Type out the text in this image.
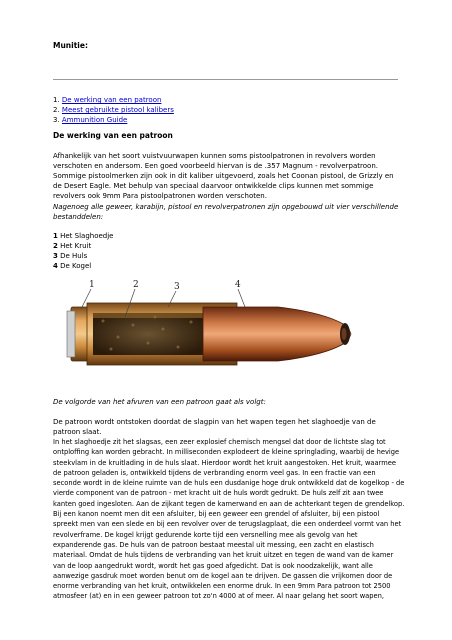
Munitie:
1. De werking van een patroon
2. Meest gebruikte pistool kalibers
3. Ammunition Guide
De werking van een patroon
Afhankelijk van het soort vuistvuurwapen kunnen soms pistoolpatronen in revolvers worden verschoten en andersom. Een goed voorbeeld hiervan is de .357 Magnum - revolverpatroon. Sommige pistoolmerken zijn ook in dit kaliber uitgevoerd, zoals het Coonan pistool, de Grizzly en de Desert Eagle. Met behulp van speciaal daarvoor ontwikkelde clips kunnen met sommige revolvers ook 9mm Para pistoolpatronen worden verschoten.
Nagenoeg alle geweer, karabijn, pistool en revolverpatronen zijn opgebouwd uit vier verschillende bestanddelen:
1 Het Slaghoedje
2 Het Kruit
3 De Huls
4 De Kogel
1	2	3	4
De volgorde van het afvuren van een patroon gaat als volgt:
De patroon wordt ontstoken doordat de slagpin van het wapen tegen het slaghoedje van de patroon slaat.
In het slaghoedje zit het slagsas, een zeer explosief chemisch mengsel dat door de lichtste slag tot ontploffing kan worden gebracht. In milliseconden explodeert de kleine springlading, waarbij de hevige steekvlam in de kruitlading in de huls slaat. Hierdoor wordt het kruit aangestoken. Het kruit, waarmee de patroon geladen is, ontwikkeld tijdens de verbranding enorm veel gas. In een fractie van een seconde wordt in de kleine ruimte van de huls een dusdanige hoge druk ontwikkeld dat de kogelkop - de vierde component van de patroon - met kracht uit de huls wordt gedrukt. De huls zelf zit aan twee kanten goed ingesloten. Aan de zijkant tegen de kamerwand en aan de achterkant tegen de grendelkop. Bij een kanon noemt men dit een afsluiter, bij een geweer een grendel of afsluiter, bij een pistool spreekt men van een slede en bij een revolver over de terugslagplaat, die een onderdeel vormt van het revolverframe. De kogel krijgt gedurende korte tijd een versnelling mee als gevolg van het expanderende gas. De huls van de patroon bestaat meestal uit messing, een zacht en elastisch materiaal. Omdat de huls tijdens de verbranding van het kruit uitzet en tegen de wand van de kamer van de loop aangedrukt wordt, wordt het gas goed afgedicht. Dat is ook noodzakelijk, want alle aanwezige gasdruk moet worden benut om de kogel aan te drijven. De gassen die vrijkomen door de enorme verbranding van het kruit, ontwikkelen een enorme druk. In een 9mm Para patroon tot 2500 atmosfeer (at) en in een geweer patroon tot zo'n 4000 at of meer. Al naar gelang het soort wapen,
